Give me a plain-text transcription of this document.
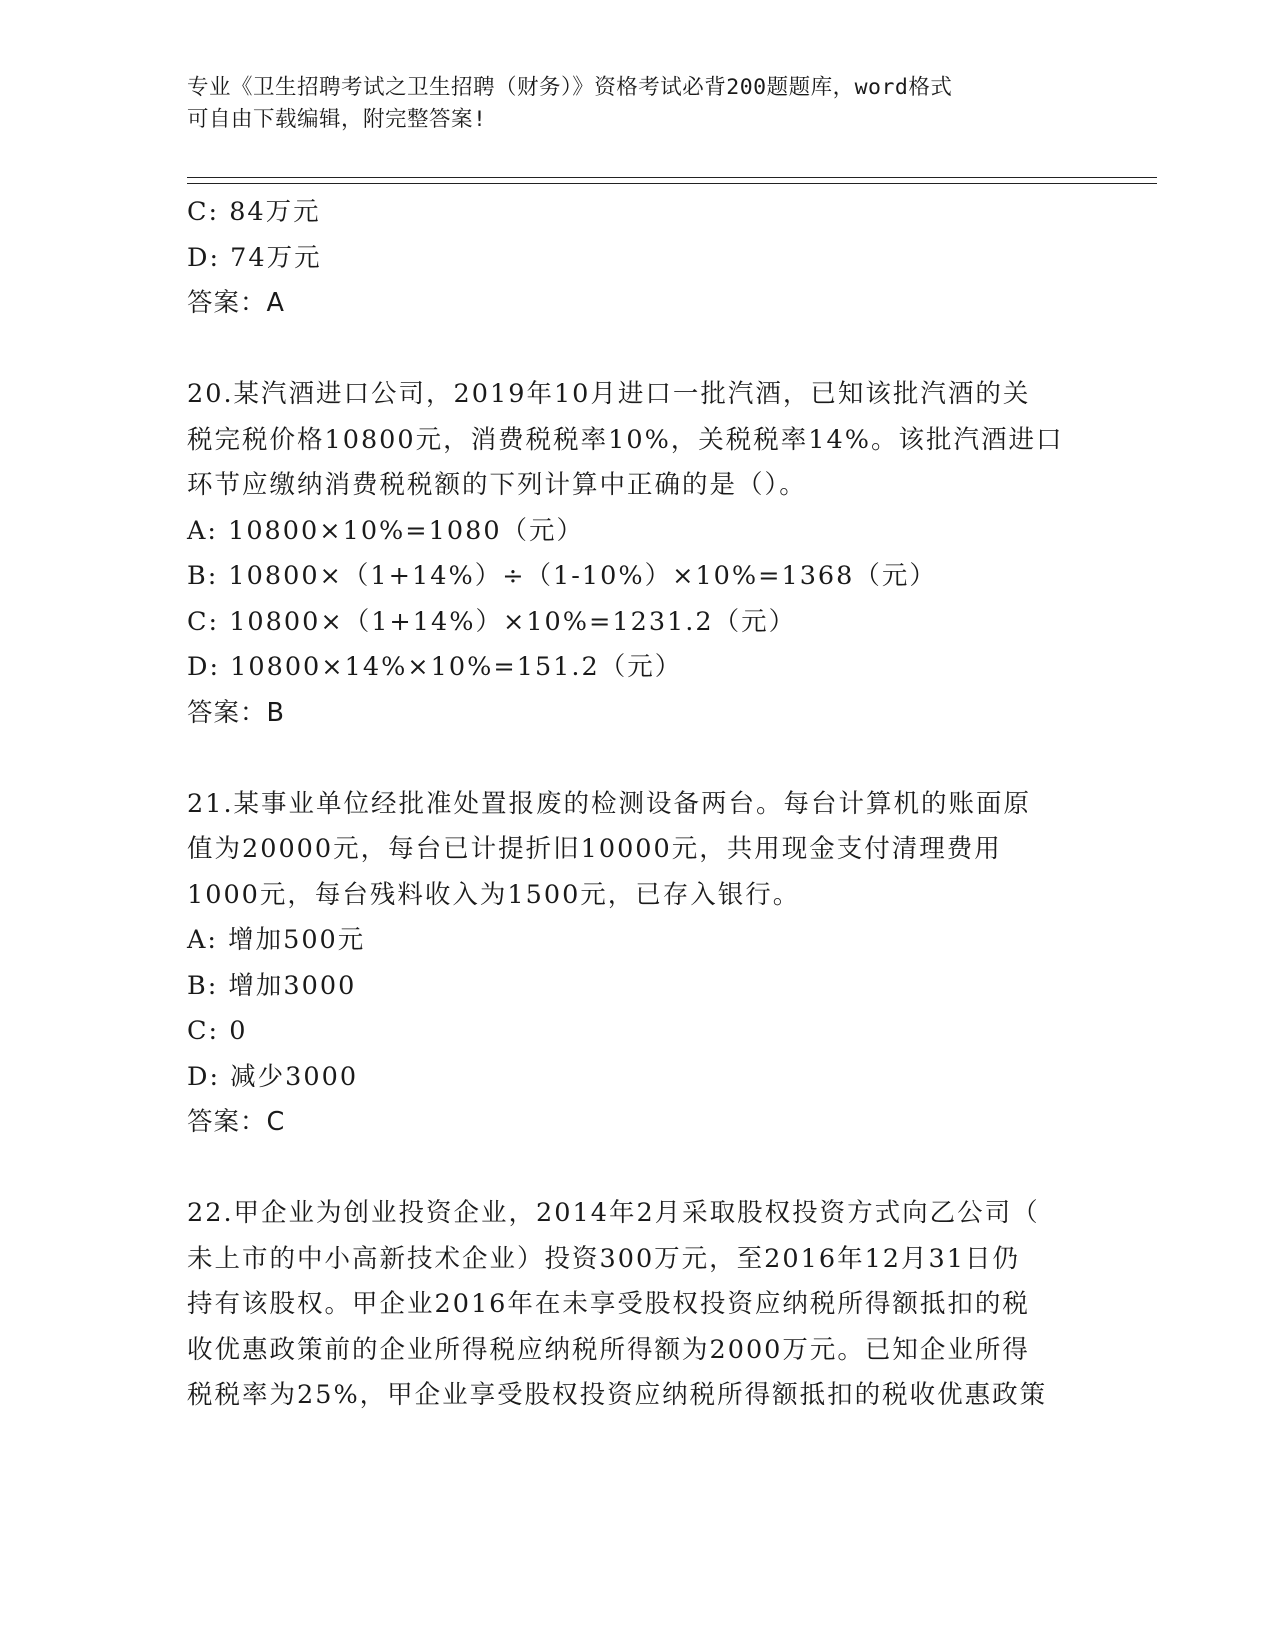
专业《卫生招聘考试之卫生招聘（财务）》资格考试必背200题题库，word格式
可自由下载编辑，附完整答案!
C: 84万元
D: 74万元
答案：A
20.某汽酒进口公司，2019年10月进口一批汽酒，已知该批汽酒的关
税完税价格10800元，消费税税率10%，关税税率14%。该批汽酒进口
环节应缴纳消费税税额的下列计算中正确的是（）。
A: 10800×10%=1080（元）
B: 10800×（1+14%）÷（1-10%）×10%=1368（元）
C: 10800×（1+14%）×10%=1231.2（元）
D: 10800×14%×10%=151.2（元）
答案：B
21.某事业单位经批准处置报废的检测设备两台。每台计算机的账面原
值为20000元，每台已计提折旧10000元，共用现金支付清理费用
1000元，每台残料收入为1500元，已存入银行。
A: 增加500元
B: 增加3000
C: 0
D: 减少3000
答案：C
22.甲企业为创业投资企业，2014年2月采取股权投资方式向乙公司（
未上市的中小高新技术企业）投资300万元，至2016年12月31日仍
持有该股权。甲企业2016年在未享受股权投资应纳税所得额抵扣的税
收优惠政策前的企业所得税应纳税所得额为2000万元。已知企业所得
税税率为25%，甲企业享受股权投资应纳税所得额抵扣的税收优惠政策
